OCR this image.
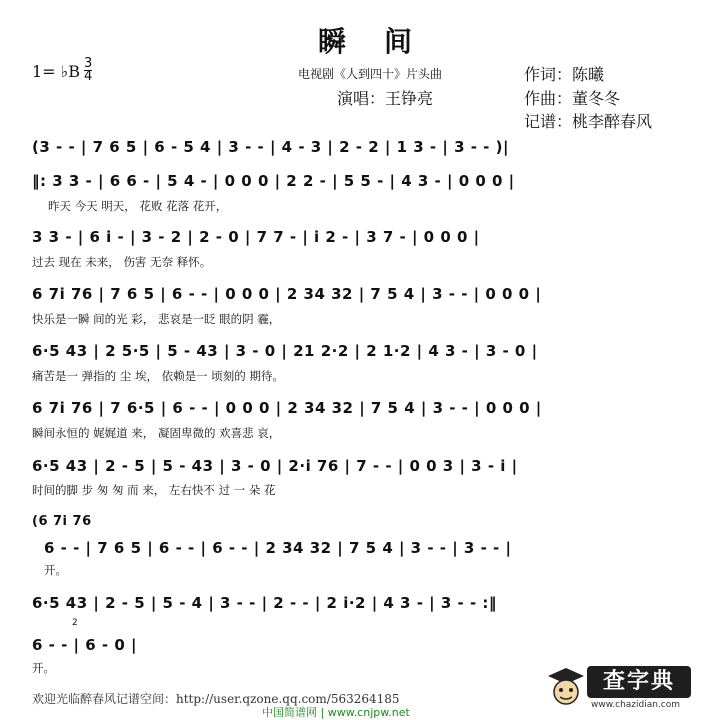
瞬间
1= ♭B $\frac{3}{4}$	电视剧《人到四十》片头曲
演唱：王铮亮
作词：陈曦
作曲：董冬冬
记谱：桃李醉春风
(3 - - | 7 6 5 | 6 - 5 4 | 3 - - | 4 - 3 | 2 - 2 | 1 3 - | 3 - - )|
‖: 3 3 - | 6 6 - | 5 4 - | 0 0 0 | 2 2 - | 5 5 - | 4 3 - | 0 0 0 |
昨天 今天 明天， 花败 花落 花开，
3 3 - | 6 i - | 3 - 2 | 2 - 0 | 7 7 - | i 2 - | 3 7 - | 0 0 0 |
过去 现在 未来， 伤害 无奈 释怀。
6 7i 76 | 7 6 5 | 6 - - | 0 0 0 | 2 34 32 | 7 5 4 | 3 - - | 0 0 0 |
快乐是一瞬 间的光 彩， 悲哀是一眨 眼的阴 霾，
6·5 43 | 2 5·5 | 5 - 43 | 3 - 0 | 21 2·2 | 2 1·2 | 4 3 - | 3 - 0 |
痛苦是一 弹指的 尘 埃， 依赖是一 顷刻的 期待。
6 7i 76 | 7 6·5 | 6 - - | 0 0 0 | 2 34 32 | 7 5 4 | 3 - - | 0 0 0 |
瞬间永恒的 娓娓道 来， 凝固卑微的 欢喜悲 哀，
6·5 43 | 2 - 5 | 5 - 43 | 3 - 0 | 2·i 76 | 7 - - | 0 0 3 | 3 - i |
时间的脚 步 匆 匆 而 来， 左右快不 过 一 朵 花
(6 7i 76
6 - - | 7 6 5 | 6 - - | 6 - - | 2 34 32 | 7 5 4 | 3 - - | 3 - - |
开。
6·5 43 | 2 - 5 | 5 - 4 | 3 - - | 2 - - | 2 i·2 | 4 3 - | 3 - - :‖
2
6 - - | 6 - 0 |
开。
欢迎光临醉春风记谱空间：http://user.qzone.qq.com/563264185
中国简谱网 | www.cnjpw.net
查字典
www.chazidian.com
